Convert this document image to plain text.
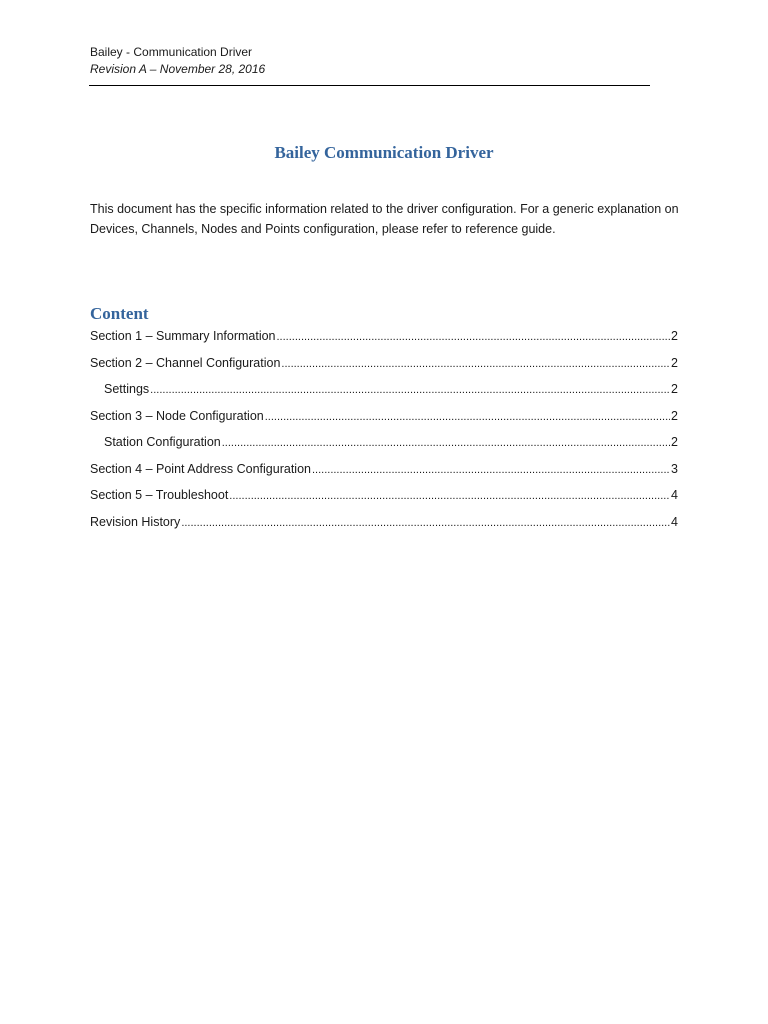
Bailey - Communication Driver
Revision A – November 28, 2016
Bailey Communication Driver

This document has the specific information related to the driver configuration. For a generic explanation on Devices, Channels, Nodes and Points configuration, please refer to reference guide.

Content
Section 1 – Summary Information .....	2
Section 2 – Channel Configuration .....	2
Settings .....	2
Section 3 – Node Configuration .....	2
Station Configuration .....	2
Section 4 – Point Address Configuration .....	3
Section 5 – Troubleshoot .....	4
Revision History .....	4
